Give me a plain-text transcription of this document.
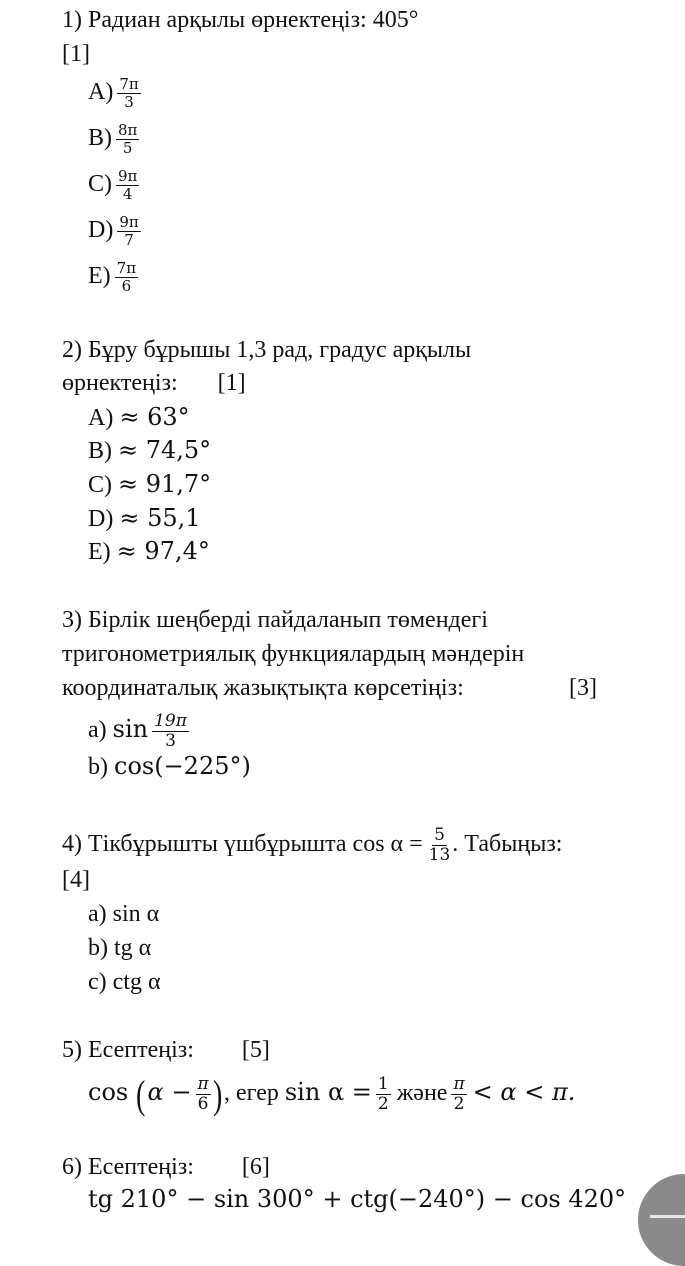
1) Радиан арқылы өрнектеңіз: 405°
[1]
$A) \frac{7\pi}{3}$
$B) \frac{8\pi}{5}$
$C) \frac{9\pi}{4}$
$D) \frac{9\pi}{7}$
$E) \frac{7\pi}{6}$
2) Бұру бұрышы 1,3 рад, градус арқылы
өрнектеңіз: [1]
A) ≈ 63°
B) ≈ 74,5°
C) ≈ 91,7°
D) ≈ 55,1
E) ≈ 97,4°
3) Бірлік шеңберді пайдаланып төмендегі
тригонометриялық функциялардың мәндерін
координаталық жазықтықта көрсетіңіз:	[3]
a) $\sin \frac{19\pi}{3}$
b) cos(−225°)
4) Тікбұрышты үшбұрышта $\cos \alpha = \frac{5}{13}$ . Табыңыз:
[4]
a) sin α
b) tg α
c) ctg α
5) Есептеңіз: [5]
$\cos (\alpha - \frac{\pi}{6}$ ), егер $\sin \alpha = \frac{1}{2}$ және $\frac{\pi}{2} < \alpha < \pi$.
6) Есептеңіз: [6]
tg 210° − sin 300° + ctg(−240°) − cos 420°
